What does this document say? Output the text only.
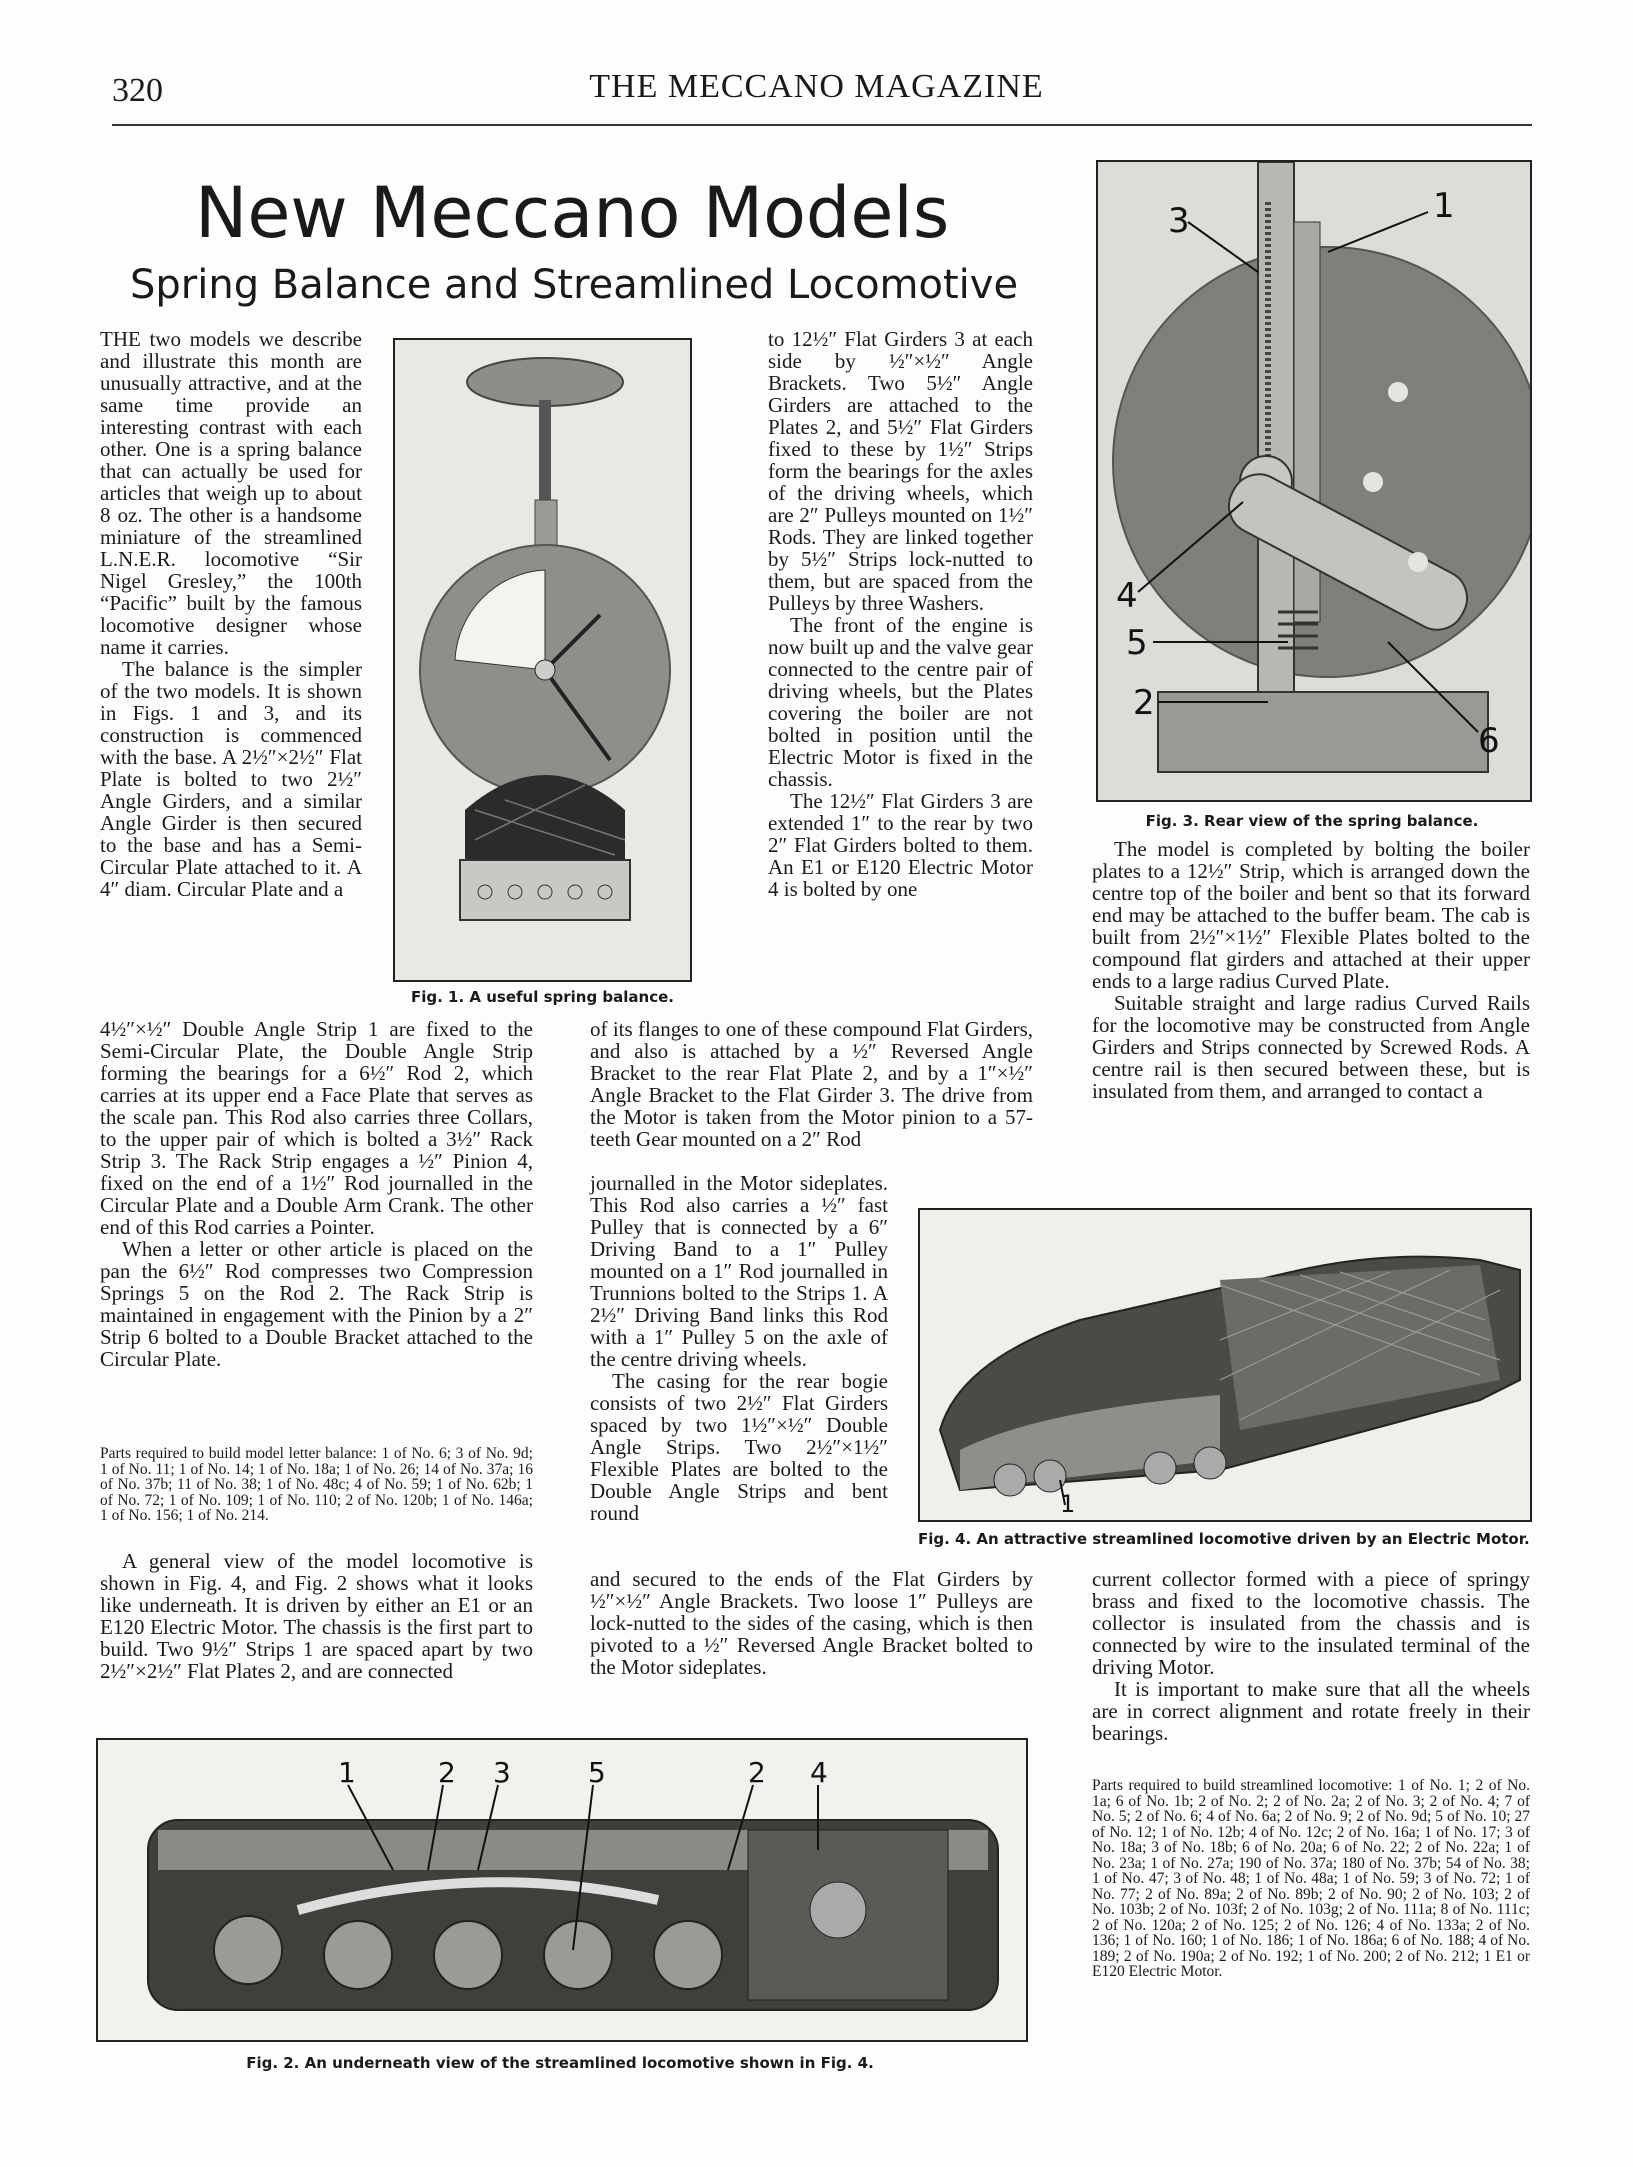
320	THE MECCANO MAGAZINE
New Meccano Models
Spring Balance and Streamlined Locomotive

THE two models we describe and illustrate this month are unusually attractive, and at the same time provide an interesting contrast with each other. One is a spring balance that can actually be used for articles that weigh up to about 8 oz. The other is a handsome miniature of the streamlined L.N.E.R. locomotive “Sir Nigel Gresley,” the 100th “Pacific” built by the famous locomotive designer whose name it carries.

The balance is the simpler of the two models. It is shown in Figs. 1 and 3, and its construction is commenced with the base. A 2½″×2½″ Flat Plate is bolted to two 2½″ Angle Girders, and a similar Angle Girder is then secured to the base and has a Semi-Circular Plate attached to it. A 4″ diam. Circular Plate and a

Fig. 1. A useful spring balance.

4½″×½″ Double Angle Strip 1 are fixed to the Semi-Circular Plate, the Double Angle Strip forming the bearings for a 6½″ Rod 2, which carries at its upper end a Face Plate that serves as the scale pan. This Rod also carries three Collars, to the upper pair of which is bolted a 3½″ Rack Strip 3. The Rack Strip engages a ½″ Pinion 4, fixed on the end of a 1½″ Rod journalled in the Circular Plate and a Double Arm Crank. The other end of this Rod carries a Pointer.

When a letter or other article is placed on the pan the 6½″ Rod compresses two Compression Springs 5 on the Rod 2. The Rack Strip is maintained in engagement with the Pinion by a 2″ Strip 6 bolted to a Double Bracket attached to the Circular Plate.

Parts required to build model letter balance: 1 of No. 6; 3 of No. 9d; 1 of No. 11; 1 of No. 14; 1 of No. 18a; 1 of No. 26; 14 of No. 37a; 16 of No. 37b; 11 of No. 38; 1 of No. 48c; 4 of No. 59; 1 of No. 62b; 1 of No. 72; 1 of No. 109; 1 of No. 110; 2 of No. 120b; 1 of No. 146a; 1 of No. 156; 1 of No. 214.
A general view of the model locomotive is shown in Fig. 4, and Fig. 2 shows what it looks like underneath. It is driven by either an E1 or an E120 Electric Motor. The chassis is the first part to build. Two 9½″ Strips 1 are spaced apart by two 2½″×2½″ Flat Plates 2, and are connected

to 12½″ Flat Girders 3 at each side by ½″×½″ Angle Brackets. Two 5½″ Angle Girders are attached to the Plates 2, and 5½″ Flat Girders fixed to these by 1½″ Strips form the bearings for the axles of the driving wheels, which are 2″ Pulleys mounted on 1½″ Rods. They are linked together by 5½″ Strips lock-nutted to them, but are spaced from the Pulleys by three Washers.

The front of the engine is now built up and the valve gear connected to the centre pair of driving wheels, but the Plates covering the boiler are not bolted in position until the Electric Motor is fixed in the chassis.

The 12½″ Flat Girders 3 are extended 1″ to the rear by two 2″ Flat Girders bolted to them. An E1 or E120 Electric Motor 4 is bolted by one

of its flanges to one of these compound Flat Girders, and also is attached by a ½″ Reversed Angle Bracket to the rear Flat Plate 2, and by a 1″×½″ Angle Bracket to the Flat Girder 3. The drive from the Motor is taken from the Motor pinion to a 57-teeth Gear mounted on a 2″ Rod

journalled in the Motor sideplates. This Rod also carries a ½″ fast Pulley that is connected by a 6″ Driving Band to a 1″ Pulley mounted on a 1″ Rod journalled in Trunnions bolted to the Strips 1. A 2½″ Driving Band links this Rod with a 1″ Pulley 5 on the axle of the centre driving wheels.

The casing for the rear bogie consists of two 2½″ Flat Girders spaced by two 1½″×½″ Double Angle Strips. Two 2½″×1½″ Flexible Plates are bolted to the Double Angle Strips and bent round

and secured to the ends of the Flat Girders by ½″×½″ Angle Brackets. Two loose 1″ Pulleys are lock-nutted to the sides of the casing, which is then pivoted to a ½″ Reversed Angle Bracket bolted to the Motor sideplates.
3	1
4
5
2
6
Fig. 3. Rear view of the spring balance.

The model is completed by bolting the boiler plates to a 12½″ Strip, which is arranged down the centre top of the boiler and bent so that its forward end may be attached to the buffer beam. The cab is built from 2½″×1½″ Flexible Plates bolted to the compound flat girders and attached at their upper ends to a large radius Curved Plate.

Suitable straight and large radius Curved Rails for the locomotive may be constructed from Angle Girders and Strips connected by Screwed Rods. A centre rail is then secured between these, but is insulated from them, and arranged to contact a

1
Fig. 4. An attractive streamlined locomotive driven by an Electric Motor.

current collector formed with a piece of springy brass and fixed to the locomotive chassis. The collector is insulated from the chassis and is connected by wire to the insulated terminal of the driving Motor.

It is important to make sure that all the wheels are in correct alignment and rotate freely in their bearings.

Parts required to build streamlined locomotive: 1 of No. 1; 2 of No. 1a; 6 of No. 1b; 2 of No. 2; 2 of No. 2a; 2 of No. 3; 2 of No. 4; 7 of No. 5; 2 of No. 6; 4 of No. 6a; 2 of No. 9; 2 of No. 9d; 5 of No. 10; 27 of No. 12; 1 of No. 12b; 4 of No. 12c; 2 of No. 16a; 1 of No. 17; 3 of No. 18a; 3 of No. 18b; 6 of No. 20a; 6 of No. 22; 2 of No. 22a; 1 of No. 23a; 1 of No. 27a; 190 of No. 37a; 180 of No. 37b; 54 of No. 38; 1 of No. 47; 3 of No. 48; 1 of No. 48a; 1 of No. 59; 3 of No. 72; 1 of No. 77; 2 of No. 89a; 2 of No. 89b; 2 of No. 90; 2 of No. 103; 2 of No. 103b; 2 of No. 103f; 2 of No. 103g; 2 of No. 111a; 8 of No. 111c; 2 of No. 120a; 2 of No. 125; 2 of No. 126; 4 of No. 133a; 2 of No. 136; 1 of No. 160; 1 of No. 186; 1 of No. 186a; 6 of No. 188; 4 of No. 189; 2 of No. 190a; 2 of No. 192; 1 of No. 200; 2 of No. 212; 1 E1 or E120 Electric Motor.
1	2 3	5	2 4
Fig. 2. An underneath view of the streamlined locomotive shown in Fig. 4.
